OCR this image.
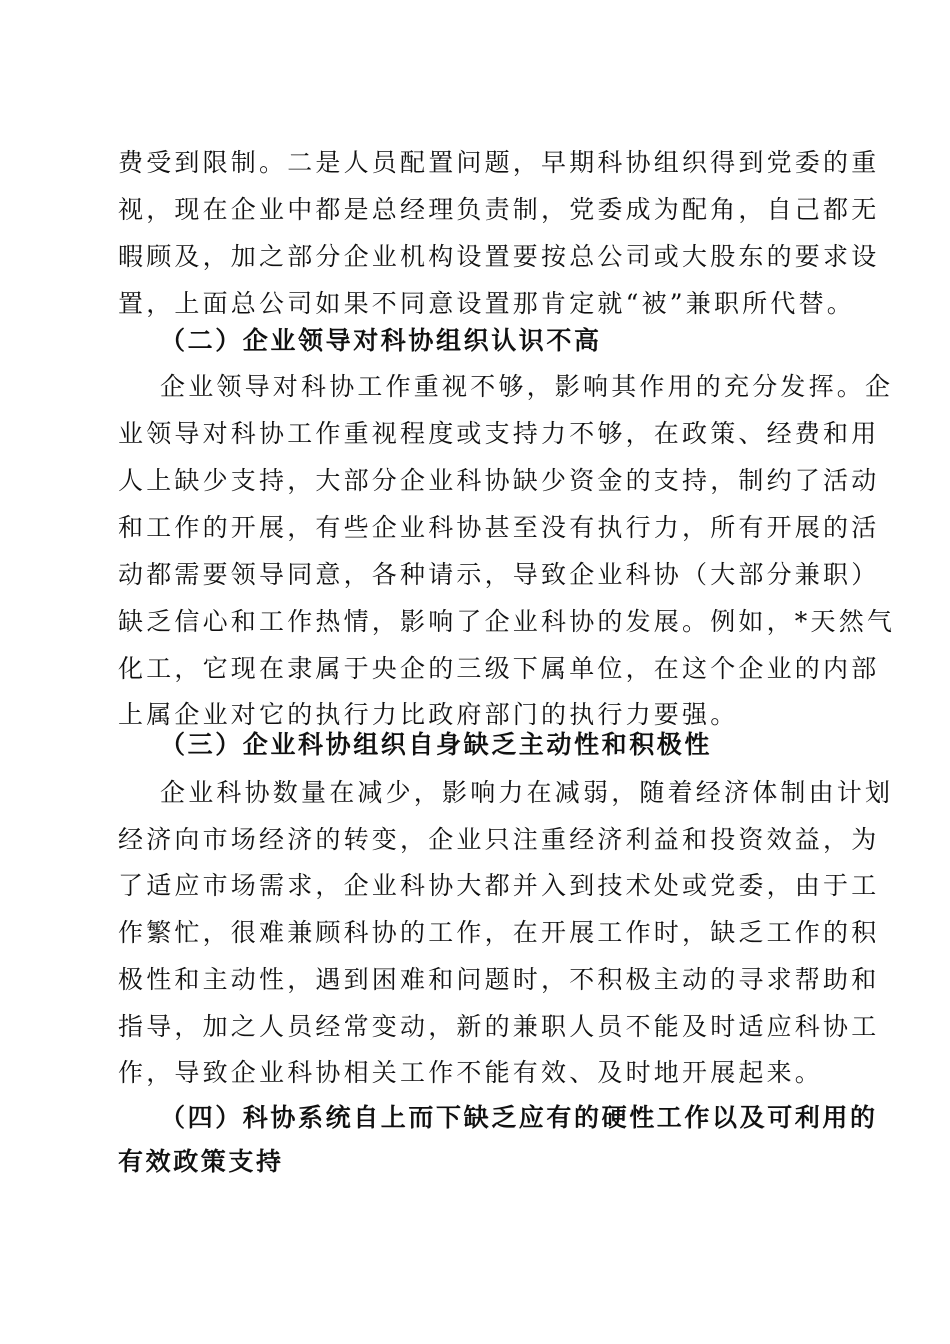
费受到限制。二是人员配置问题，早期科协组织得到党委的重
视，现在企业中都是总经理负责制，党委成为配角，自己都无
暇顾及，加之部分企业机构设置要按总公司或大股东的要求设
置，上面总公司如果不同意设置那肯定就“被”兼职所代替。
（二）企业领导对科协组织认识不高
企业领导对科协工作重视不够，影响其作用的充分发挥。企
业领导对科协工作重视程度或支持力不够，在政策、经费和用
人上缺少支持，大部分企业科协缺少资金的支持，制约了活动
和工作的开展，有些企业科协甚至没有执行力，所有开展的活
动都需要领导同意，各种请示，导致企业科协（大部分兼职）
缺乏信心和工作热情，影响了企业科协的发展。例如，*天然气
化工，它现在隶属于央企的三级下属单位，在这个企业的内部
上属企业对它的执行力比政府部门的执行力要强。
（三）企业科协组织自身缺乏主动性和积极性
企业科协数量在减少，影响力在减弱，随着经济体制由计划
经济向市场经济的转变，企业只注重经济利益和投资效益，为
了适应市场需求，企业科协大都并入到技术处或党委，由于工
作繁忙，很难兼顾科协的工作，在开展工作时，缺乏工作的积
极性和主动性，遇到困难和问题时，不积极主动的寻求帮助和
指导，加之人员经常变动，新的兼职人员不能及时适应科协工
作，导致企业科协相关工作不能有效、及时地开展起来。
（四）科协系统自上而下缺乏应有的硬性工作以及可利用的
有效政策支持
